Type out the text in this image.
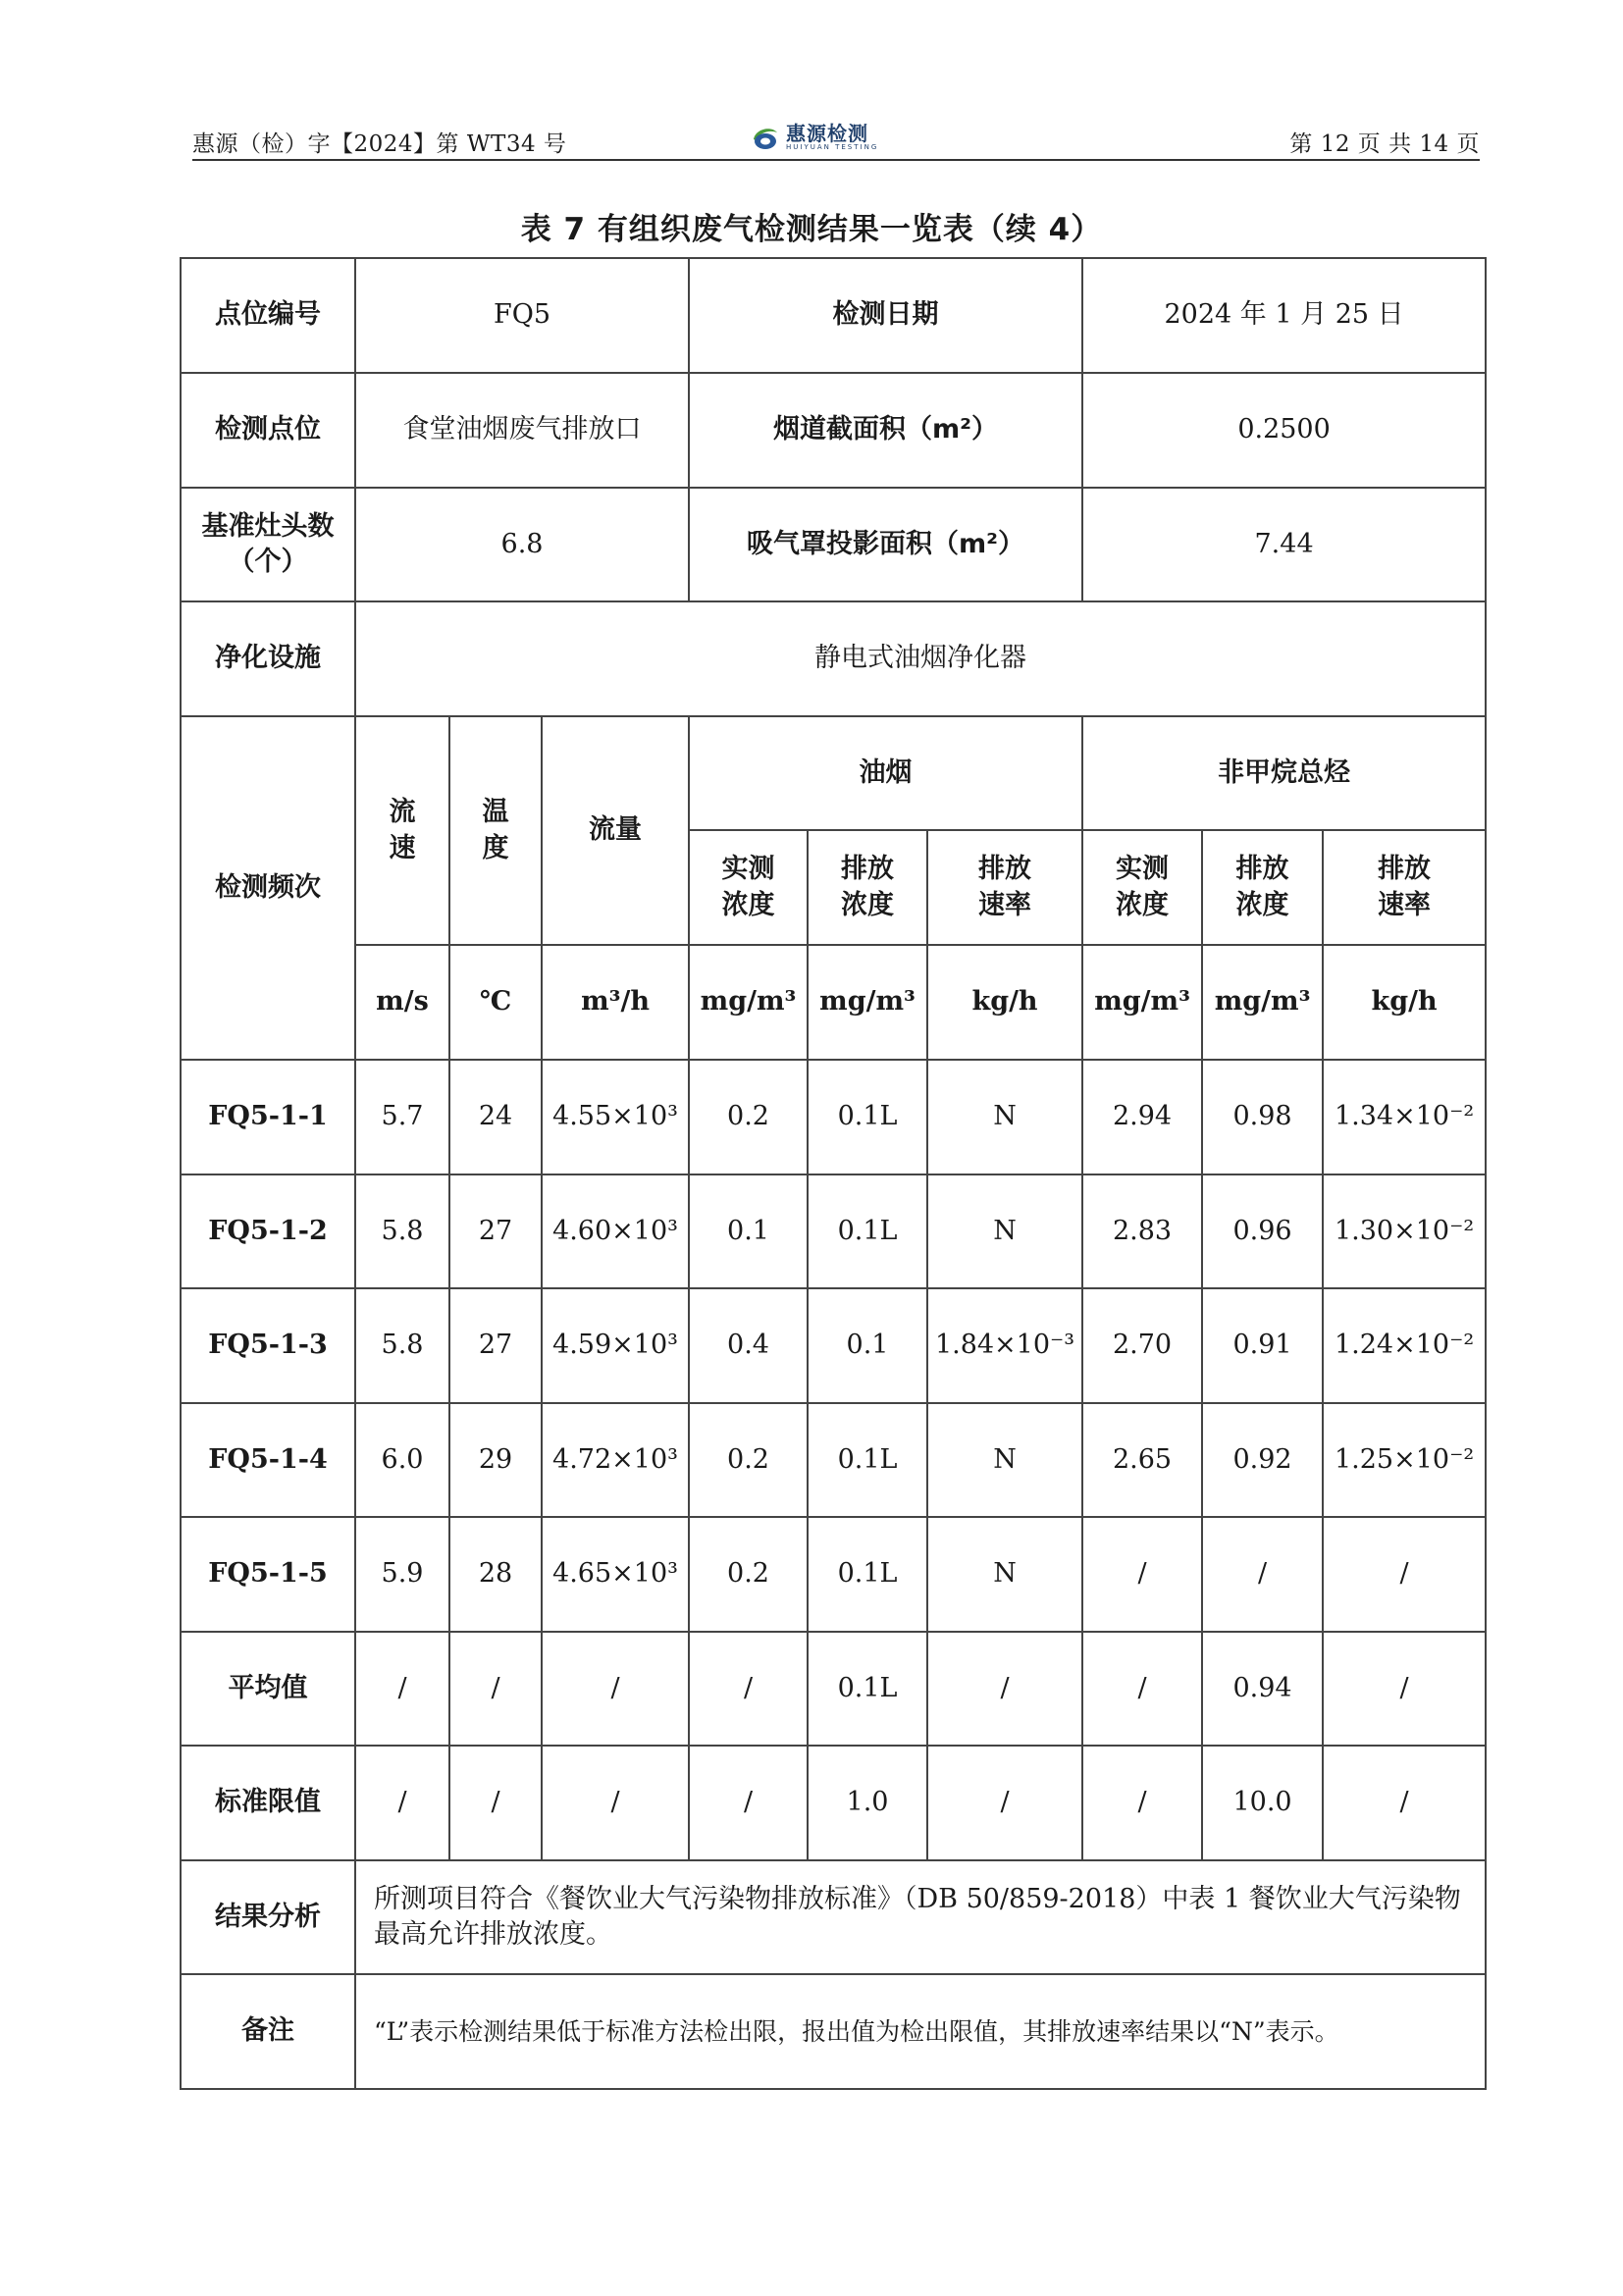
惠源（检）字【2024】第 WT34 号	惠源检测
HUIYUAN TESTING	第 12 页 共 14 页
表 7 有组织废气检测结果一览表（续 4）
点位编号	FQ5			检测日期			2024 年 1 月 25 日		
检测点位	食堂油烟废气排放口			烟道截面积（m²）			0.2500		
基准灶头数（个）	6.8			吸气罩投影面积（m²）			7.44		
净化设施	静电式油烟净化器								
检测频次	流速	温度	流量	油烟			非甲烷总烃		
				实测浓度	排放浓度	排放速率	实测浓度	排放浓度	排放速率
	m/s	℃	m³/h	mg/m³	mg/m³	kg/h	mg/m³	mg/m³	kg/h
FQ5-1-1	5.7	24	4.55×10³	0.2	0.1L	N	2.94	0.98	1.34×10⁻²
FQ5-1-2	5.8	27	4.60×10³	0.1	0.1L	N	2.83	0.96	1.30×10⁻²
FQ5-1-3	5.8	27	4.59×10³	0.4	0.1	1.84×10⁻³	2.70	0.91	1.24×10⁻²
FQ5-1-4	6.0	29	4.72×10³	0.2	0.1L	N	2.65	0.92	1.25×10⁻²
FQ5-1-5	5.9	28	4.65×10³	0.2	0.1L	N	/	/	/
平均值	/	/	/	/	0.1L	/	/	0.94	/
标准限值	/	/	/	/	1.0	/	/	10.0	/
结果分析	所测项目符合《餐饮业大气污染物排放标准》（DB 50/859-2018）中表 1 餐饮业大气污染物最高允许排放浓度。								
备注	“L”表示检测结果低于标准方法检出限，报出值为检出限值，其排放速率结果以“N”表示。								
